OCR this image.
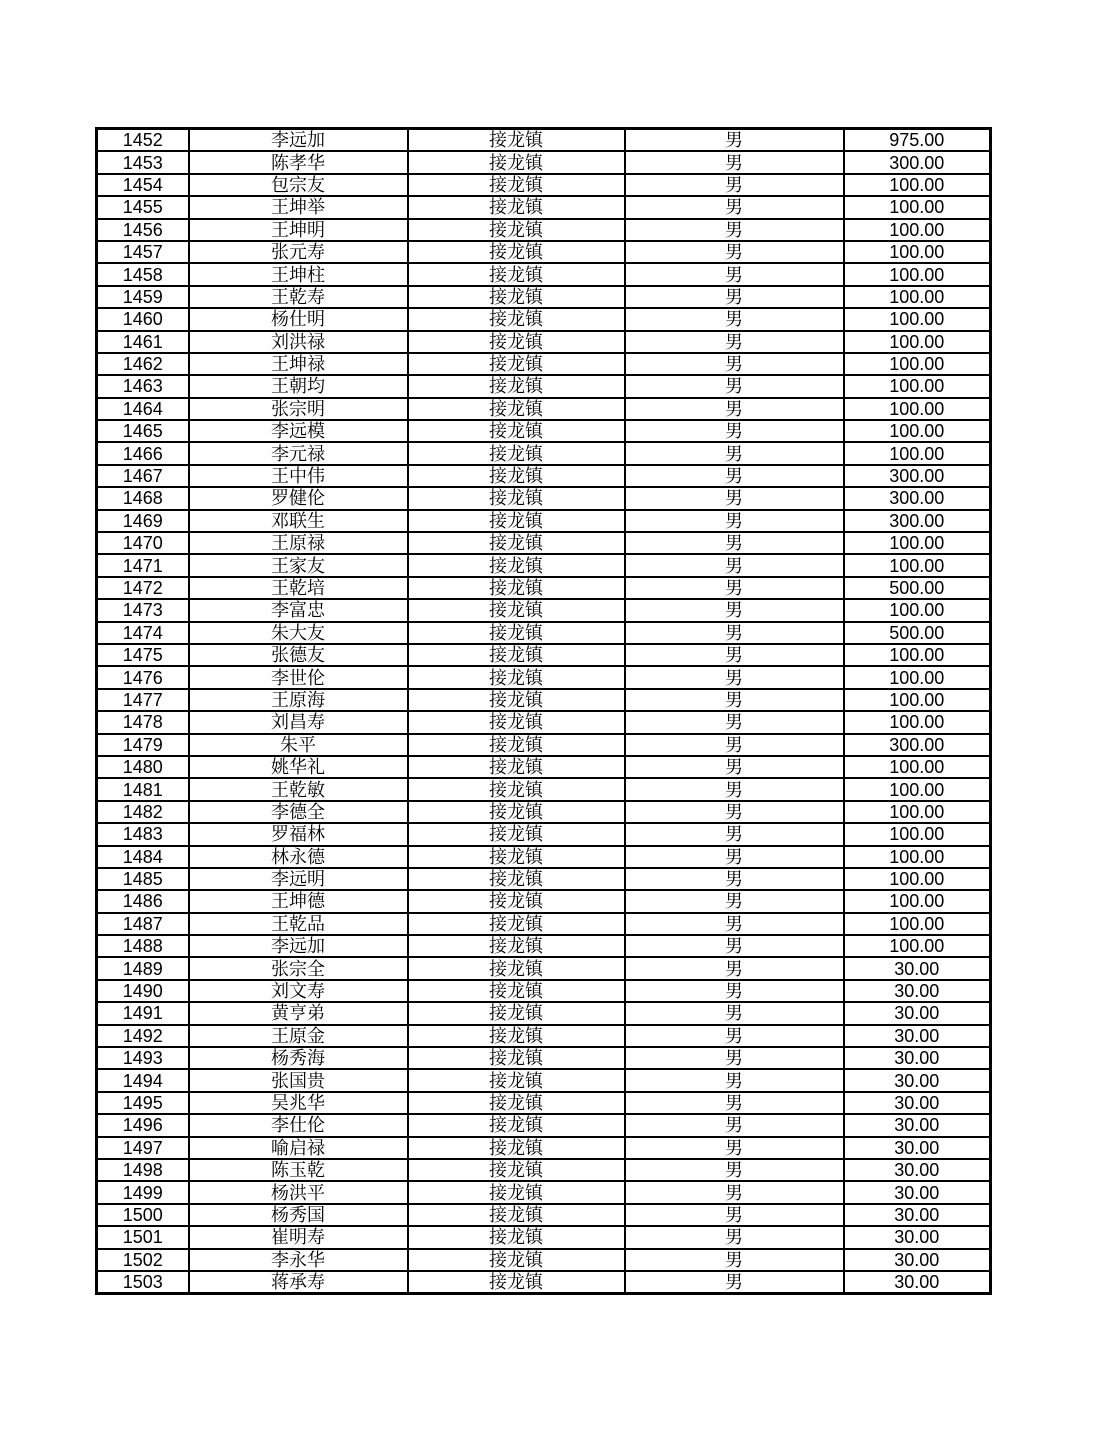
1452	李远加	接龙镇	男	975.00
1453	陈孝华	接龙镇	男	300.00
1454	包宗友	接龙镇	男	100.00
1455	王坤举	接龙镇	男	100.00
1456	王坤明	接龙镇	男	100.00
1457	张元寿	接龙镇	男	100.00
1458	王坤柱	接龙镇	男	100.00
1459	王乾寿	接龙镇	男	100.00
1460	杨仕明	接龙镇	男	100.00
1461	刘洪禄	接龙镇	男	100.00
1462	王坤禄	接龙镇	男	100.00
1463	王朝均	接龙镇	男	100.00
1464	张宗明	接龙镇	男	100.00
1465	李远模	接龙镇	男	100.00
1466	李元禄	接龙镇	男	100.00
1467	王中伟	接龙镇	男	300.00
1468	罗健伦	接龙镇	男	300.00
1469	邓联生	接龙镇	男	300.00
1470	王原禄	接龙镇	男	100.00
1471	王家友	接龙镇	男	100.00
1472	王乾培	接龙镇	男	500.00
1473	李富忠	接龙镇	男	100.00
1474	朱大友	接龙镇	男	500.00
1475	张德友	接龙镇	男	100.00
1476	李世伦	接龙镇	男	100.00
1477	王原海	接龙镇	男	100.00
1478	刘昌寿	接龙镇	男	100.00
1479	朱平	接龙镇	男	300.00
1480	姚华礼	接龙镇	男	100.00
1481	王乾敏	接龙镇	男	100.00
1482	李德全	接龙镇	男	100.00
1483	罗福林	接龙镇	男	100.00
1484	林永德	接龙镇	男	100.00
1485	李远明	接龙镇	男	100.00
1486	王坤德	接龙镇	男	100.00
1487	王乾品	接龙镇	男	100.00
1488	李远加	接龙镇	男	100.00
1489	张宗全	接龙镇	男	30.00
1490	刘文寿	接龙镇	男	30.00
1491	黄亨弟	接龙镇	男	30.00
1492	王原金	接龙镇	男	30.00
1493	杨秀海	接龙镇	男	30.00
1494	张国贵	接龙镇	男	30.00
1495	吴兆华	接龙镇	男	30.00
1496	李仕伦	接龙镇	男	30.00
1497	喻启禄	接龙镇	男	30.00
1498	陈玉乾	接龙镇	男	30.00
1499	杨洪平	接龙镇	男	30.00
1500	杨秀国	接龙镇	男	30.00
1501	崔明寿	接龙镇	男	30.00
1502	李永华	接龙镇	男	30.00
1503	蒋承寿	接龙镇	男	30.00
